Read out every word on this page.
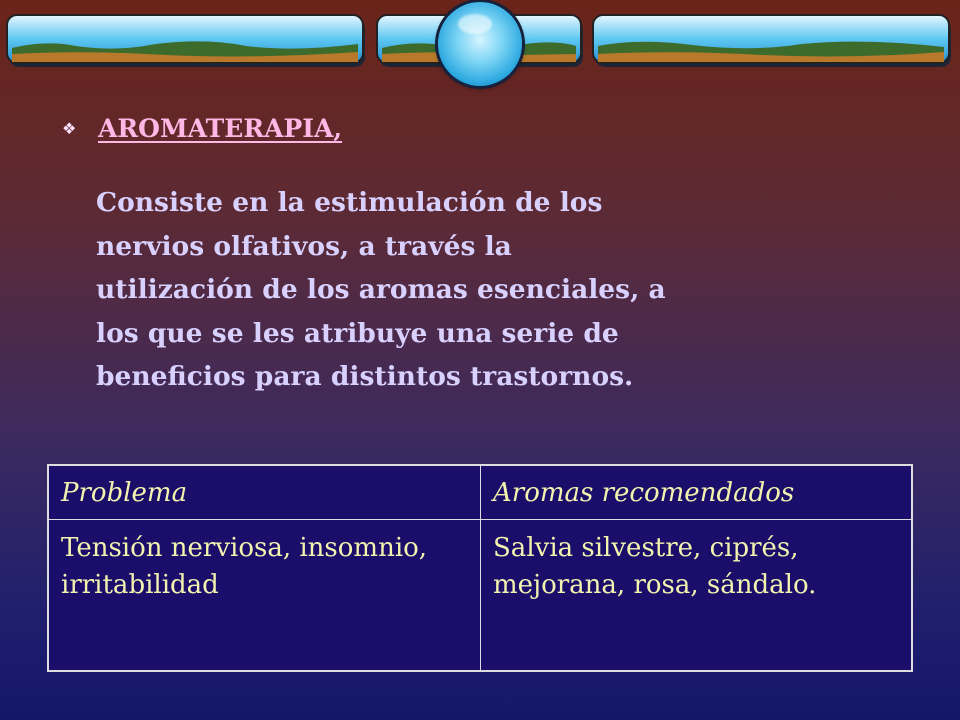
❖ AROMATERAPIA,
Consiste en la estimulación de los
nervios olfativos, a través la
utilización de los aromas esenciales, a
los que se les atribuye una serie de
beneficios para distintos trastornos.
Problema	Aromas recomendados
Tensión nerviosa, insomnio, irritabilidad
Salvia silvestre, ciprés, mejorana, rosa, sándalo.
